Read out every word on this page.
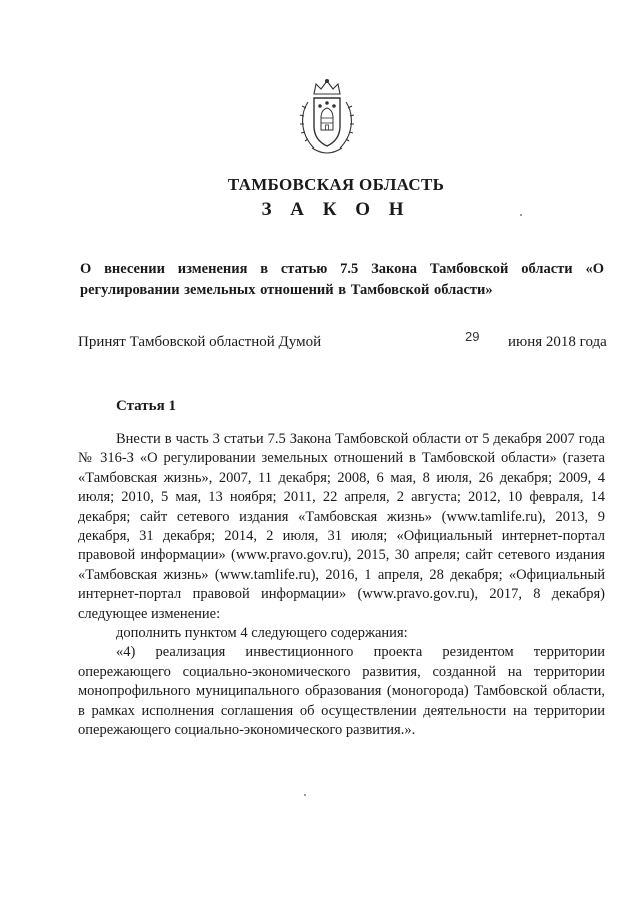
ТАМБОВСКАЯ ОБЛАСТЬ
З А К О Н
О внесении изменения в статью 7.5 Закона Тамбовской области «О регулировании земельных отношений в Тамбовской области»
Принят Тамбовской областной Думой	29 июня 2018 года
Статья 1

Внести в часть 3 статьи 7.5 Закона Тамбовской области от 5 декабря 2007 года № 316-З «О регулировании земельных отношений в Тамбовской области» (газета «Тамбовская жизнь», 2007, 11 декабря; 2008, 6 мая, 8 июля, 26 декабря; 2009, 4 июля; 2010, 5 мая, 13 ноября; 2011, 22 апреля, 2 августа; 2012, 10 февраля, 14 декабря; сайт сетевого издания «Тамбовская жизнь» (www.tamlife.ru), 2013, 9 декабря, 31 декабря; 2014, 2 июля, 31 июля; «Официальный интернет-портал правовой информации» (www.pravo.gov.ru), 2015, 30 апреля; сайт сетевого издания «Тамбовская жизнь» (www.tamlife.ru), 2016, 1 апреля, 28 декабря; «Официальный интернет-портал правовой информации» (www.pravo.gov.ru), 2017, 8 декабря) следующее изменение:

дополнить пунктом 4 следующего содержания:

«4) реализация инвестиционного проекта резидентом территории опережающего социально-экономического развития, созданной на территории монопрофильного муниципального образования (моногорода) Тамбовской области, в рамках исполнения соглашения об осуществлении деятельности на территории опережающего социально-экономического развития.».
